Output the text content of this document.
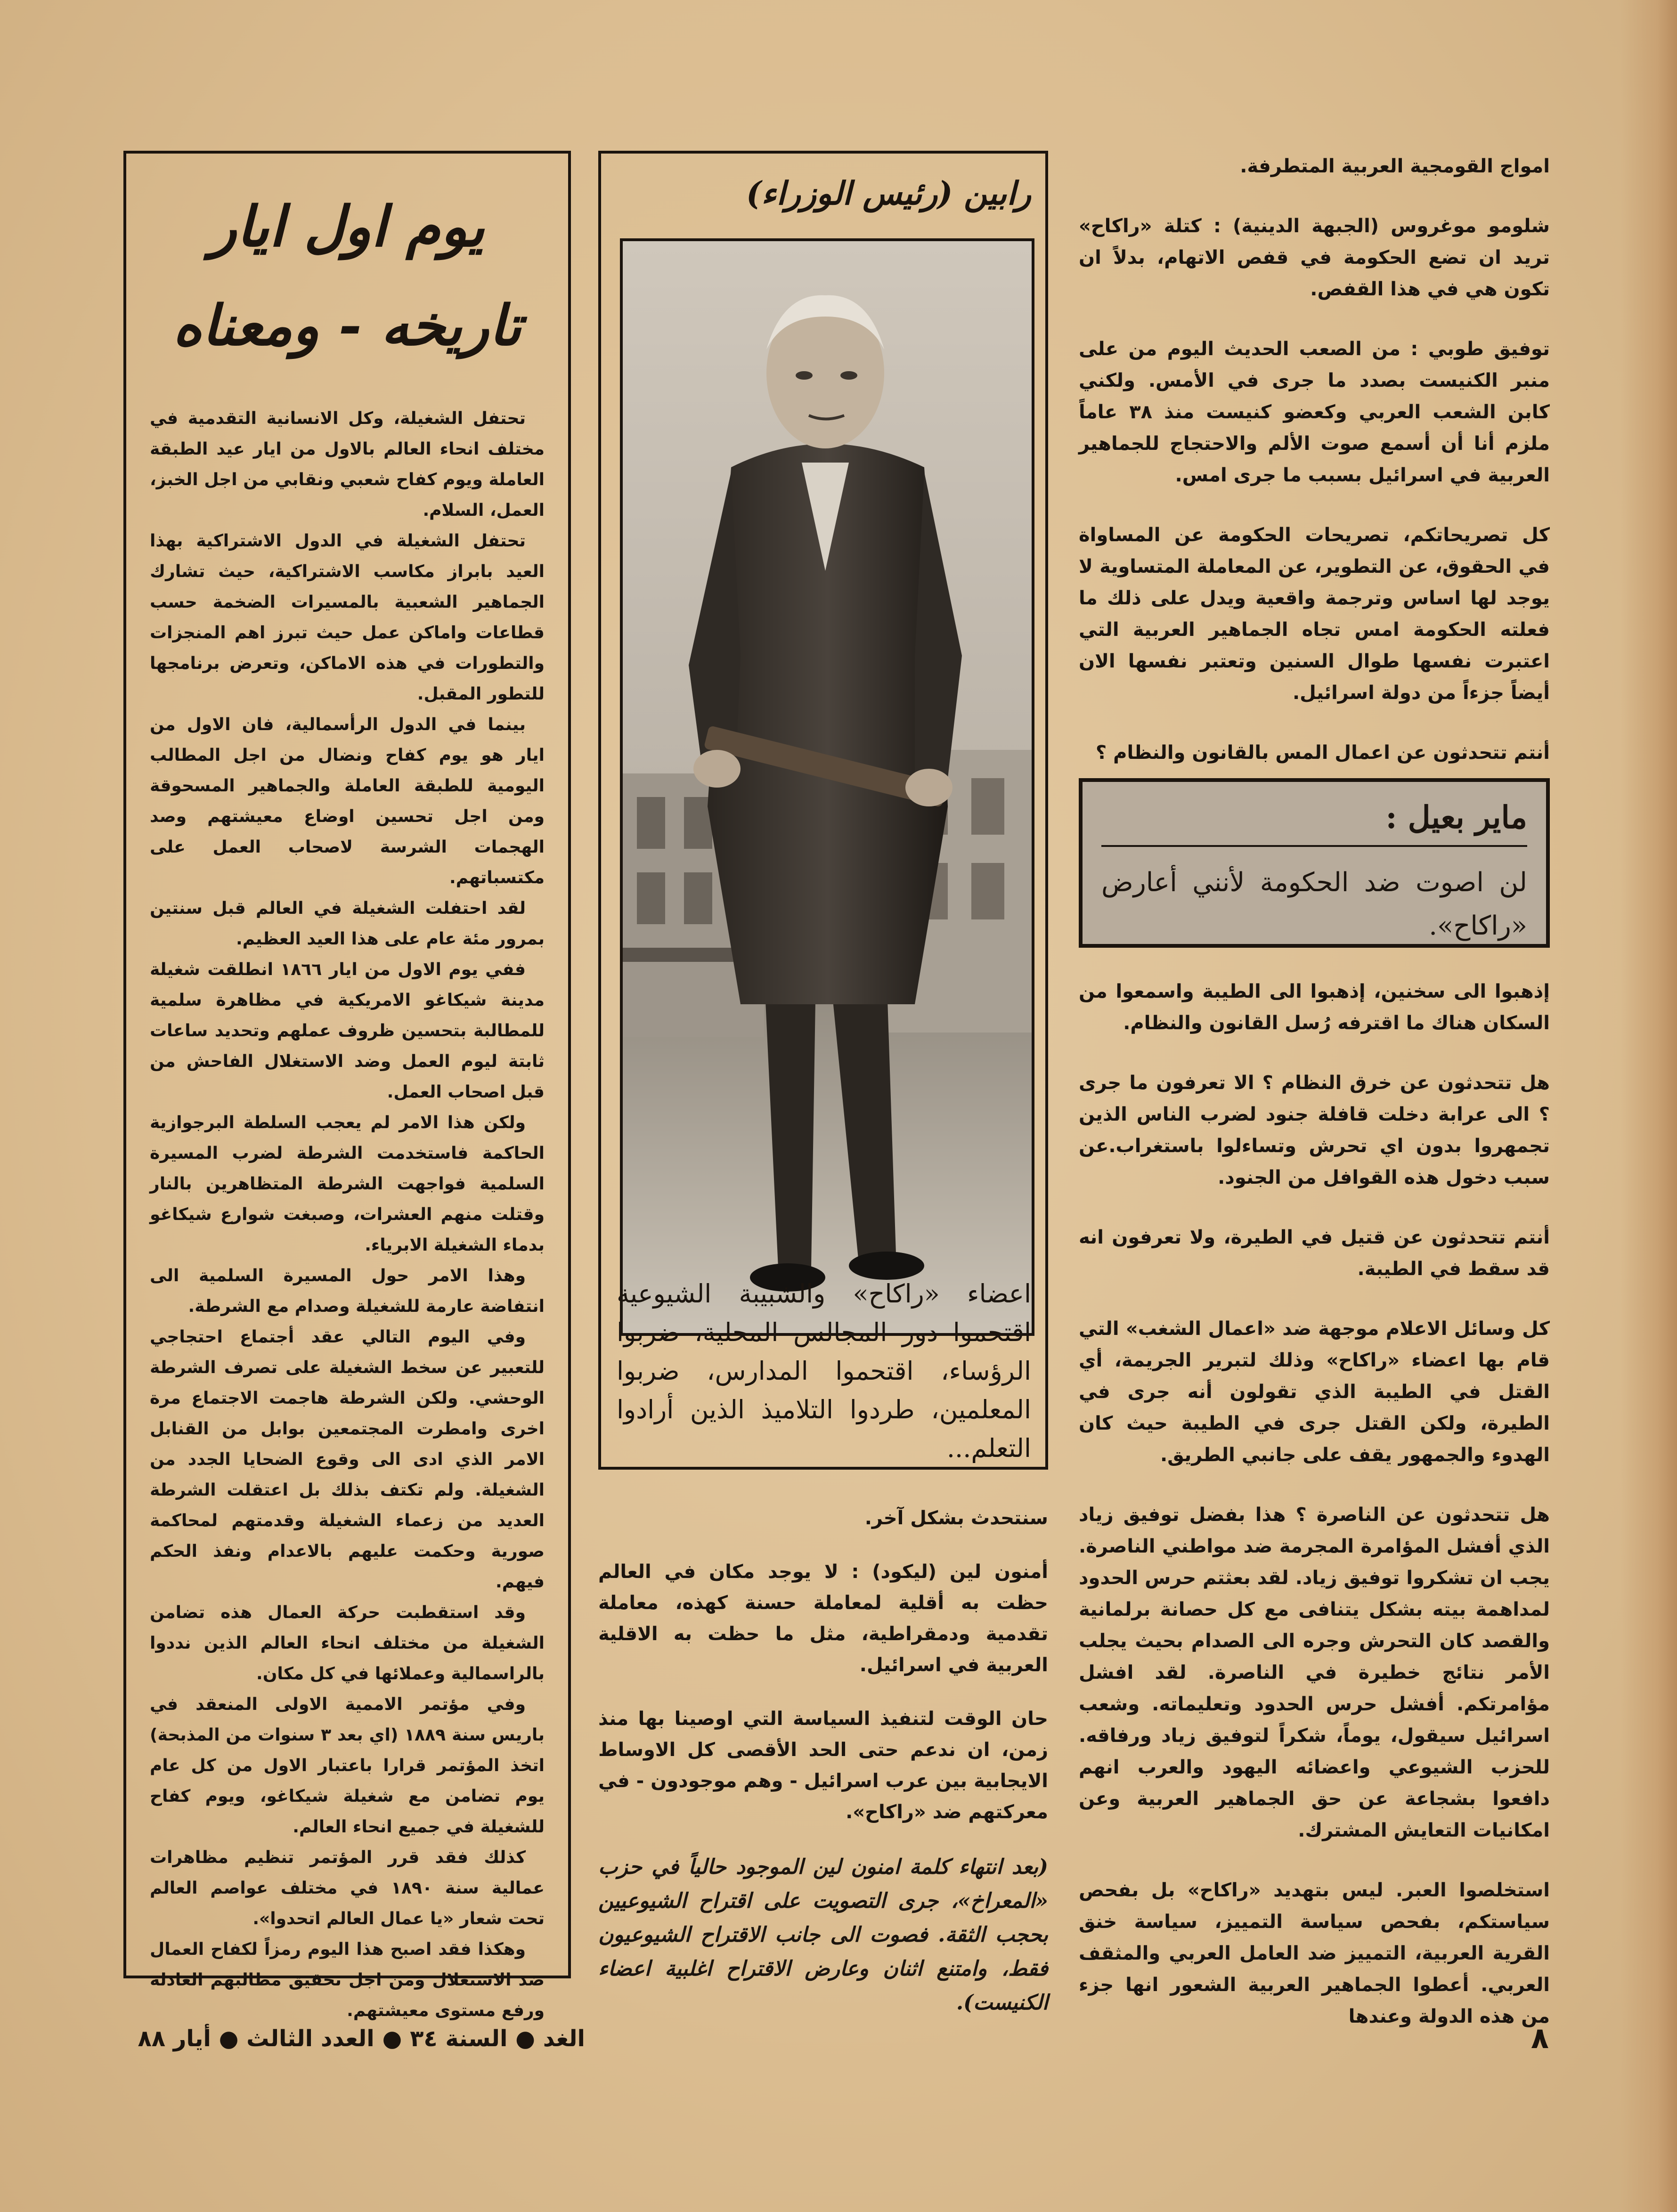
امواج القومجية العربية المتطرفة.

شلومو موغروس (الجبهة الدينية) : كتلة «راكاح» تريد ان تضع الحكومة في قفص الاتهام، بدلاً ان تكون هي في هذا القفص.

توفيق طوبي : من الصعب الحديث اليوم من على منبر الكنيست بصدد ما جرى في الأمس. ولكني كابن الشعب العربي وكعضو كنيست منذ ٣٨ عاماً ملزم أنا أن أسمع صوت الألم والاحتجاج للجماهير العربية في اسرائيل بسبب ما جرى امس.

كل تصريحاتكم، تصريحات الحكومة عن المساواة في الحقوق، عن التطوير، عن المعاملة المتساوية لا يوجد لها اساس وترجمة واقعية ويدل على ذلك ما فعلته الحكومة امس تجاه الجماهير العربية التي اعتبرت نفسها طوال السنين وتعتبر نفسها الان أيضاً جزءاً من دولة اسرائيل.

أنتم تتحدثون عن اعمال المس بالقانون والنظام ؟

ماير بعيل :
لن اصوت ضد الحكومة لأنني أعارض «راكاح».

إذهبوا الى سخنين، إذهبوا الى الطيبة واسمعوا من السكان هناك ما اقترفه رُسل القانون والنظام.

هل تتحدثون عن خرق النظام ؟ الا تعرفون ما جرى ؟ الى عرابة دخلت قافلة جنود لضرب الناس الذين تجمهروا بدون اي تحرش وتساءلوا باستغراب.عن سبب دخول هذه القوافل من الجنود.

أنتم تتحدثون عن قتيل في الطيرة، ولا تعرفون انه قد سقط في الطيبة.

كل وسائل الاعلام موجهة ضد «اعمال الشغب» التي قام بها اعضاء «راكاح» وذلك لتبرير الجريمة، أي القتل في الطيبة الذي تقولون أنه جرى في الطيرة، ولكن القتل جرى في الطيبة حيث كان الهدوء والجمهور يقف على جانبي الطريق.

هل تتحدثون عن الناصرة ؟ هذا بفضل توفيق زياد الذي أفشل المؤامرة المجرمة ضد مواطني الناصرة. يجب ان تشكروا توفيق زياد. لقد بعثتم حرس الحدود لمداهمة بيته بشكل يتنافى مع كل حصانة برلمانية والقصد كان التحرش وجره الى الصدام بحيث يجلب الأمر نتائج خطيرة في الناصرة. لقد افشل مؤامرتكم. أفشل حرس الحدود وتعليماته. وشعب اسرائيل سيقول، يوماً، شكراً لتوفيق زياد ورفاقه. للحزب الشيوعي واعضائه اليهود والعرب انهم دافعوا بشجاعة عن حق الجماهير العربية وعن امكانيات التعايش المشترك.

استخلصوا العبر. ليس بتهديد «راكاح» بل بفحص سياستكم، بفحص سياسة التمييز، سياسة خنق القرية العربية، التمييز ضد العامل العربي والمثقف العربي. أعطوا الجماهير العربية الشعور انها جزء من هذه الدولة وعندها

رابين (رئيس الوزراء)
اعضاء «راكاح» والشبيبة الشيوعية اقتحموا دور المجالس المحلية، ضربوا الرؤساء، اقتحموا المدارس، ضربوا المعلمين، طردوا التلاميذ الذين أرادوا التعلم...

سنتحدث بشكل آخر.

أمنون لين (ليكود) : لا يوجد مكان في العالم حظت به أقلية لمعاملة حسنة كهذه، معاملة تقدمية ودمقراطية، مثل ما حظت به الاقلية العربية في اسرائيل.

حان الوقت لتنفيذ السياسة التي اوصينا بها منذ زمن، ان ندعم حتى الحد الأقصى كل الاوساط الايجابية بين عرب اسرائيل - وهم موجودون - في معركتهم ضد «راكاح».

(بعد انتهاء كلمة امنون لين الموجود حالياً في حزب «المعراخ»، جرى التصويت على اقتراح الشيوعيين بحجب الثقة. فصوت الى جانب الاقتراح الشيوعيون فقط، وامتنع اثنان وعارض الاقتراح اغلبية اعضاء الكنيست).

يوم اول ايار
تاريخه - ومعناه

تحتفل الشغيلة، وكل الانسانية التقدمية في مختلف انحاء العالم بالاول من ايار عيد الطبقة العاملة ويوم كفاح شعبي ونقابي من اجل الخبز، العمل، السلام.

تحتفل الشغيلة في الدول الاشتراكية بهذا العيد بابراز مكاسب الاشتراكية، حيث تشارك الجماهير الشعبية بالمسيرات الضخمة حسب قطاعات واماكن عمل حيث تبرز اهم المنجزات والتطورات في هذه الاماكن، وتعرض برنامجها للتطور المقبل.

بينما في الدول الرأسمالية، فان الاول من ايار هو يوم كفاح ونضال من اجل المطالب اليومية للطبقة العاملة والجماهير المسحوقة ومن اجل تحسين اوضاع معيشتهم وصد الهجمات الشرسة لاصحاب العمل على مكتسباتهم.

لقد احتفلت الشغيلة في العالم قبل سنتين بمرور مئة عام على هذا العيد العظيم.

ففي يوم الاول من ايار ١٨٦٦ انطلقت شغيلة مدينة شيكاغو الامريكية في مظاهرة سلمية للمطالبة بتحسين ظروف عملهم وتحديد ساعات ثابتة ليوم العمل وضد الاستغلال الفاحش من قبل اصحاب العمل.

ولكن هذا الامر لم يعجب السلطة البرجوازية الحاكمة فاستخدمت الشرطة لضرب المسيرة السلمية فواجهت الشرطة المتظاهرين بالنار وقتلت منهم العشرات، وصبغت شوارع شيكاغو بدماء الشغيلة الابرياء.

وهذا الامر حول المسيرة السلمية الى انتفاضة عارمة للشغيلة وصدام مع الشرطة.

وفي اليوم التالي عقد أجتماع احتجاجي للتعبير عن سخط الشغيلة على تصرف الشرطة الوحشي. ولكن الشرطة هاجمت الاجتماع مرة اخرى وامطرت المجتمعين بوابل من القنابل الامر الذي ادى الى وقوع الضحايا الجدد من الشغيلة. ولم تكتف بذلك بل اعتقلت الشرطة العديد من زعماء الشغيلة وقدمتهم لمحاكمة صورية وحكمت عليهم بالاعدام ونفذ الحكم فيهم.

وقد استقطبت حركة العمال هذه تضامن الشغيلة من مختلف انحاء العالم الذين نددوا بالراسمالية وعملائها في كل مكان.

وفي مؤتمر الاممية الاولى المنعقد في باريس سنة ١٨٨٩ (اي بعد ٣ سنوات من المذبحة) اتخذ المؤتمر قرارا باعتبار الاول من كل عام يوم تضامن مع شغيلة شيكاغو، ويوم كفاح للشغيلة في جميع انحاء العالم.

كذلك فقد قرر المؤتمر تنظيم مظاهرات عمالية سنة ١٨٩٠ في مختلف عواصم العالم تحت شعار «يا عمال العالم اتحدوا».

وهكذا فقد اصبح هذا اليوم رمزاً لكفاح العمال ضد الاستغلال ومن اجل تحقيق مطالبهم العادلة ورفع مستوى معيشتهم.

٨
الغد ● السنة ٣٤ ● العدد الثالث ● أيار ٨٨
